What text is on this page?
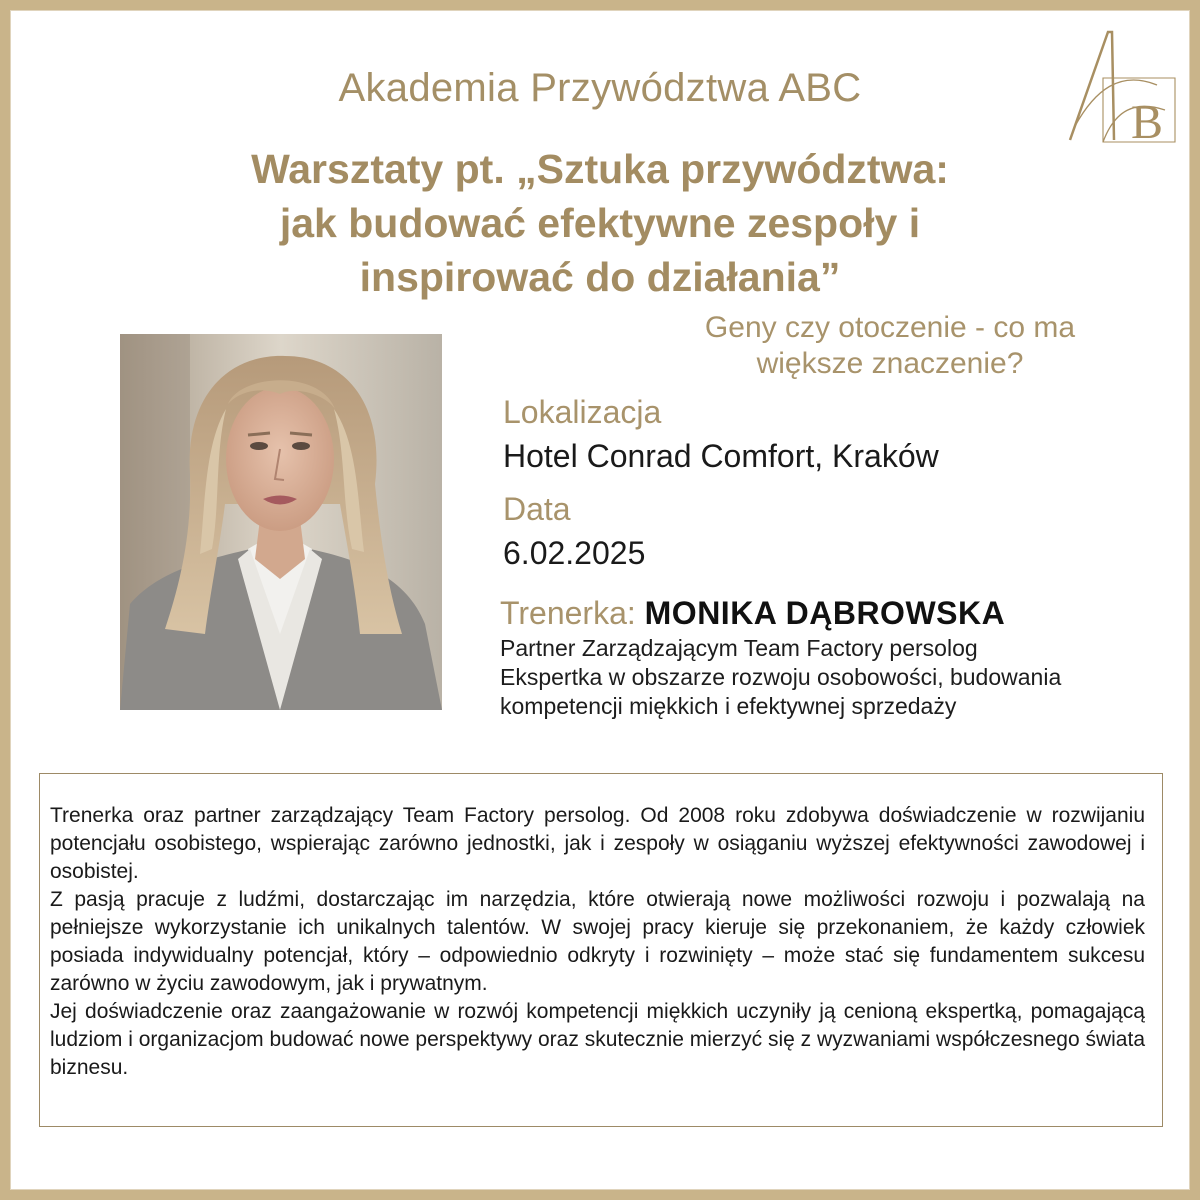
B
Akademia Przywództwa ABC
Warsztaty pt. „Sztuka przywództwa:
jak budować efektywne zespoły i
inspirować do działania”
Geny czy otoczenie - co ma
większe znaczenie?
Lokalizacja
Hotel Conrad Comfort, Kraków
Data
6.02.2025
Trenerka: MONIKA DĄBROWSKA
Partner Zarządzającym Team Factory persolog
Ekspertka w obszarze rozwoju osobowości, budowania
kompetencji miękkich i efektywnej sprzedaży

Trenerka oraz partner zarządzający Team Factory persolog. Od 2008 roku zdobywa doświadczenie w rozwijaniu potencjału osobistego, wspierając zarówno jednostki, jak i zespoły w osiąganiu wyższej efektywności zawodowej i osobistej.

Z pasją pracuje z ludźmi, dostarczając im narzędzia, które otwierają nowe możliwości rozwoju i pozwalają na pełniejsze wykorzystanie ich unikalnych talentów. W swojej pracy kieruje się przekonaniem, że każdy człowiek posiada indywidualny potencjał, który – odpowiednio odkryty i rozwinięty – może stać się fundamentem sukcesu zarówno w życiu zawodowym, jak i prywatnym.

Jej doświadczenie oraz zaangażowanie w rozwój kompetencji miękkich uczyniły ją cenioną ekspertką, pomagającą ludziom i organizacjom budować nowe perspektywy oraz skutecznie mierzyć się z wyzwaniami współczesnego świata biznesu.
